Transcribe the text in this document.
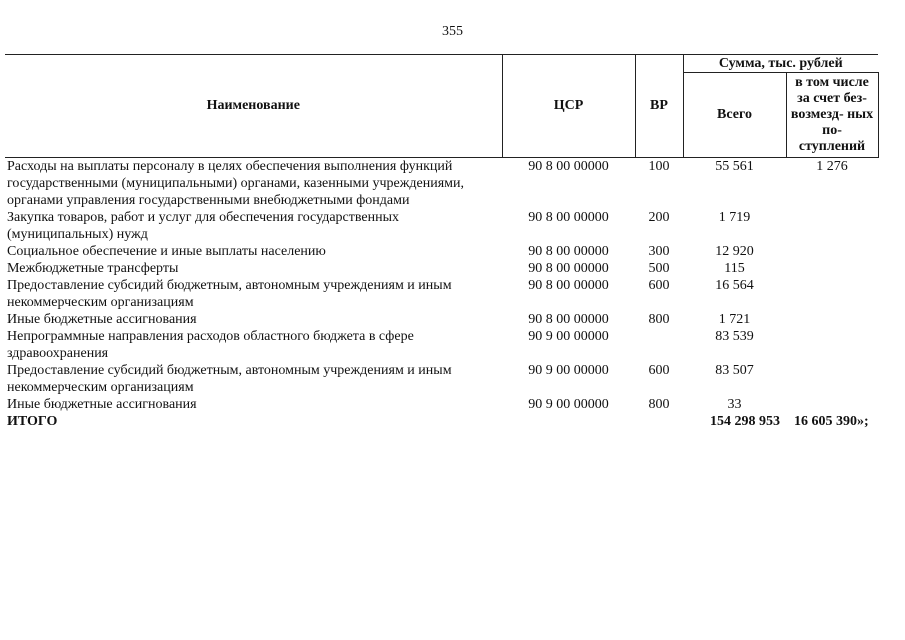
355
Наименование	ЦСР	ВР	Сумма, тыс. рублей	
			Всего	в том числе за счет без- возмезд- ных по- ступлений
Расходы на выплаты персоналу в целях обеспечения выполнения функций государственными (муниципальными) органами, казенными учреждениями, органами управления государственными внебюджетными фондами	90 8 00 00000	100	55 561	1 276
Закупка товаров, работ и услуг для обеспечения государственных (муниципальных) нужд	90 8 00 00000	200	1 719	
Социальное обеспечение и иные выплаты населению	90 8 00 00000	300	12 920	
Межбюджетные трансферты	90 8 00 00000	500	115	
Предоставление субсидий бюджетным, автономным учреждениям и иным некоммерческим организациям	90 8 00 00000	600	16 564	
Иные бюджетные ассигнования	90 8 00 00000	800	1 721	
Непрограммные направления расходов областного бюджета в сфере здравоохранения	90 9 00 00000		83 539	
Предоставление субсидий бюджетным, автономным учреждениям и иным некоммерческим организациям	90 9 00 00000	600	83 507	
Иные бюджетные ассигнования	90 9 00 00000	800	33	
ИТОГО			154 298 953	16 605 390»;
